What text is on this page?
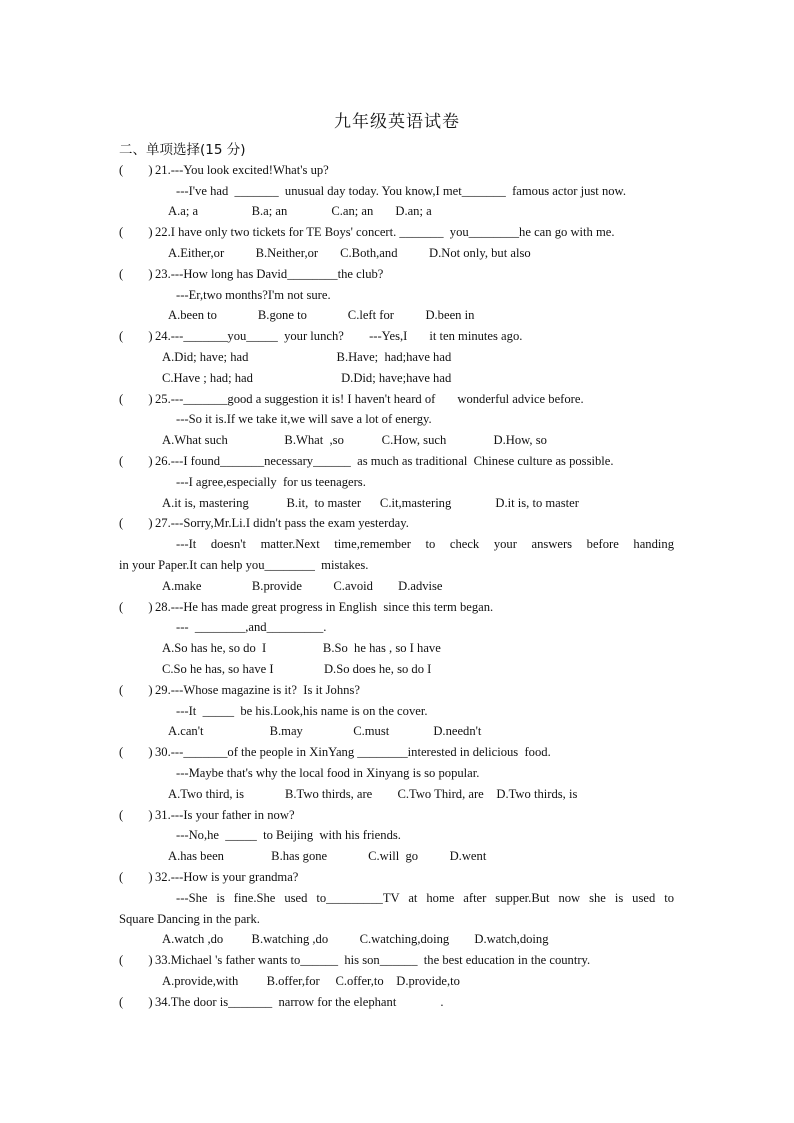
九年级英语试卷
二、单项选择(15 分)
(        ) 21.---You look excited!What's up?
---I've had  _______  unusual day today. You know,I met_______  famous actor just now.
A.a; a                 B.a; an              C.an; an       D.an; a
(        ) 22.I have only two tickets for TE Boys' concert. _______  you________he can go with me.
A.Either,or          B.Neither,or       C.Both,and          D.Not only, but also
(        ) 23.---How long has David________the club?
---Er,two months?I'm not sure.
A.been to             B.gone to             C.left for          D.been in
(        ) 24.---_______you_____  your lunch?        ---Yes,I       it ten minutes ago.
A.Did; have; had                            B.Have;  had;have had
C.Have ; had; had                            D.Did; have;have had
(        ) 25.---_______good a suggestion it is! I haven't heard of       wonderful advice before.
---So it is.If we take it,we will save a lot of energy.
A.What such                  B.What  ,so            C.How, such               D.How, so
(        ) 26.---I found_______necessary______  as much as traditional  Chinese culture as possible.
---I agree,especially  for us teenagers.
A.it is, mastering            B.it,  to master      C.it,mastering              D.it is, to master
(        ) 27.---Sorry,Mr.Li.I didn't pass the exam yesterday.
---It doesn't matter.Next time,remember to check your answers before handing
in your Paper.It can help you________  mistakes.
A.make                B.provide          C.avoid        D.advise
(        ) 28.---He has made great progress in English  since this term began.
---  ________,and_________.
A.So has he, so do  I                  B.So  he has , so I have
C.So he has, so have I                D.So does he, so do I
(        ) 29.---Whose magazine is it?  Is it Johns?
---It  _____  be his.Look,his name is on the cover.
A.can't                     B.may                C.must              D.needn't
(        ) 30.---_______of the people in XinYang ________interested in delicious  food.
---Maybe that's why the local food in Xinyang is so popular.
A.Two third, is             B.Two thirds, are        C.Two Third, are    D.Two thirds, is
(        ) 31.---Is your father in now?
---No,he  _____  to Beijing  with his friends.
A.has been               B.has gone             C.will  go          D.went
(        ) 32.---How is your grandma?
---She is fine.She used to_________TV at home after supper.But now she is used to
Square Dancing in the park.
A.watch ,do         B.watching ,do          C.watching,doing        D.watch,doing
(        ) 33.Michael 's father wants to______  his son______  the best education in the country.
A.provide,with         B.offer,for     C.offer,to    D.provide,to
(        ) 34.The door is_______  narrow for the elephant              .
